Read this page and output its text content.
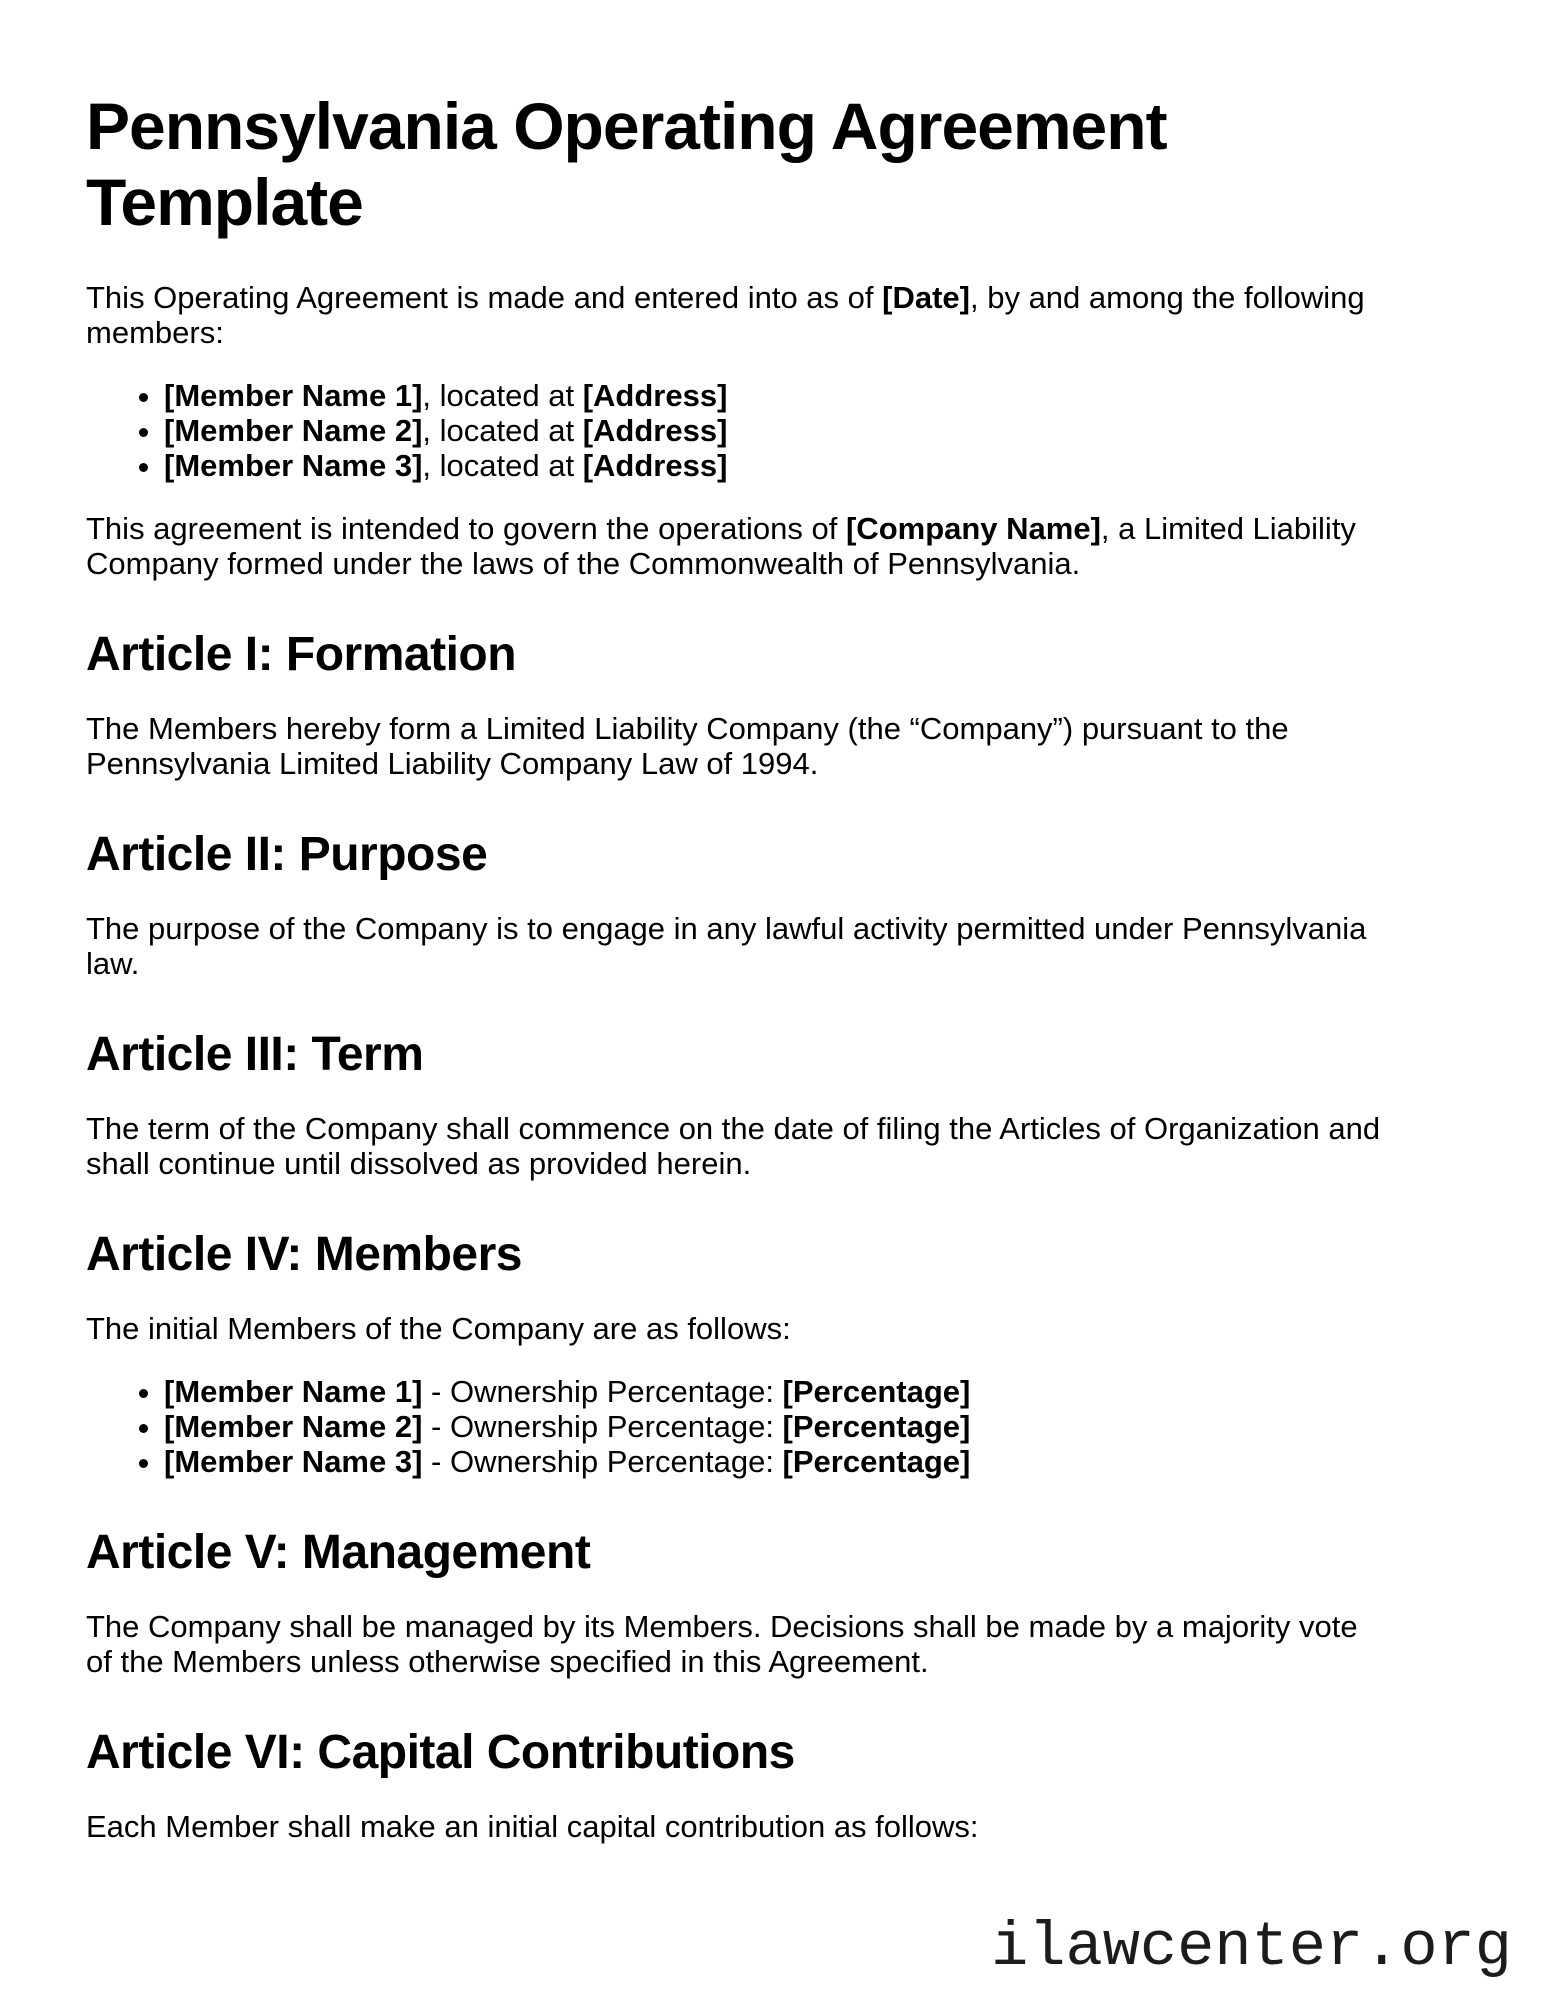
Pennsylvania Operating Agreement Template

This Operating Agreement is made and entered into as of [Date], by and among the following members:

• [Member Name 1], located at [Address]
• [Member Name 2], located at [Address]
• [Member Name 3], located at [Address]

This agreement is intended to govern the operations of [Company Name], a Limited Liability Company formed under the laws of the Commonwealth of Pennsylvania.

Article I: Formation

The Members hereby form a Limited Liability Company (the “Company”) pursuant to the Pennsylvania Limited Liability Company Law of 1994.

Article II: Purpose

The purpose of the Company is to engage in any lawful activity permitted under Pennsylvania law.

Article III: Term

The term of the Company shall commence on the date of filing the Articles of Organization and shall continue until dissolved as provided herein.

Article IV: Members

The initial Members of the Company are as follows:

• [Member Name 1] - Ownership Percentage: [Percentage]
• [Member Name 2] - Ownership Percentage: [Percentage]
• [Member Name 3] - Ownership Percentage: [Percentage]
Article V: Management

The Company shall be managed by its Members. Decisions shall be made by a majority vote of the Members unless otherwise specified in this Agreement.

Article VI: Capital Contributions

Each Member shall make an initial capital contribution as follows:

ilawcenter.org
